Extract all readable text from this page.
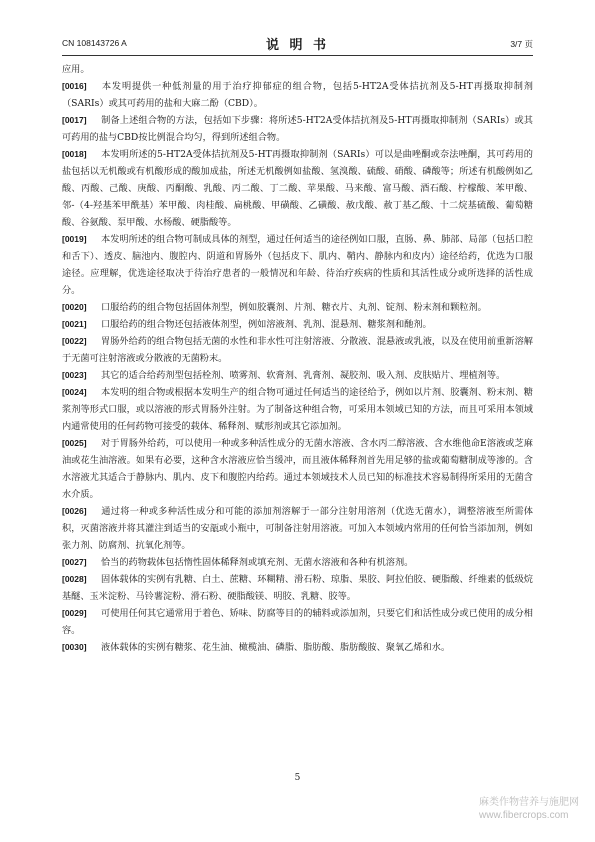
CN 108143726 A	说 明 书	3/7 页

应用。

[0016] 本发明提供一种低剂量的用于治疗抑郁症的组合物，包括5-HT2A受体拮抗剂及5-HT再摄取抑制剂（SARIs）或其可药用的盐和大麻二酚（CBD）。

[0017] 制备上述组合物的方法，包括如下步骤：将所述5-HT2A受体拮抗剂及5-HT再摄取抑制剂（SARIs）或其可药用的盐与CBD按比例混合均匀，得到所述组合物。

[0018] 本发明所述的5-HT2A受体拮抗剂及5-HT再摄取抑制剂（SARIs）可以是曲唑酮或奈法唑酮，其可药用的盐包括以无机酸或有机酸形成的酸加成盐，所述无机酸例如盐酸、氢溴酸、硫酸、硝酸、磷酸等；所述有机酸例如乙酸、丙酸、己酸、庚酸、丙酮酸、乳酸、丙二酸、丁二酸、苹果酸、马来酸、富马酸、酒石酸、柠檬酸、苯甲酸、邻-（4-羟基苯甲酰基）苯甲酸、肉桂酸、扁桃酸、甲磺酸、乙磺酸、赦戊酸、赦丁基乙酸、十二烷基硫酸、葡萄糖酸、谷氨酸、泵甲酸、水杨酸、硬脂酸等。

[0019] 本发明所述的组合物可制成具体的剂型，通过任何适当的途径例如口服，直肠、鼻、肺部、局部（包括口腔和舌下）、透皮、脑池内、腹腔内、阴道和胃肠外（包括皮下、肌内、鞘内、静脉内和皮内）途径给药，优选为口服途径。应理解，优选途径取决于待治疗患者的一般情况和年龄、待治疗疾病的性质和其活性成分或所选择的活性成分。

[0020] 口服给药的组合物包括固体剂型，例如胶囊剂、片剂、糖衣片、丸剂、锭剂、粉末剂和颗粒剂。

[0021] 口服给药的组合物还包括液体剂型，例如溶液剂、乳剂、混悬剂、糖浆剂和酏剂。

[0022] 胃肠外给药的组合物包括无菌的水性和非水性可注射溶液、分散液、混悬液或乳液，以及在使用前重新溶解于无菌可注射溶液或分散液的无菌粉末。

[0023] 其它的适合给药剂型包括栓剂、喷雾剂、软膏剂、乳膏剂、凝胶剂、吸入剂、皮肤贴片、埋植剂等。

[0024] 本发明的组合物或根据本发明生产的组合物可通过任何适当的途径给予，例如以片剂、胶囊剂、粉末剂、糖浆剂等形式口服，或以溶液的形式胃肠外注射。为了制备这种组合物，可采用本领域已知的方法，而且可采用本领域内通常使用的任何药物可接受的载体、稀释剂、赋形剂或其它添加剂。

[0025] 对于胃肠外给药，可以使用一种或多种活性成分的无菌水溶液、含水丙二醇溶液、含水维他命E溶液或芝麻油或花生油溶液。如果有必要，这种含水溶液应恰当缓冲，而且液体稀释剂首先用足够的盐或葡萄糖制成等渗的。含水溶液尤其适合于静脉内、肌内、皮下和腹腔内给药。通过本领域技术人员已知的标准技术容易制得所采用的无菌含水介质。

[0026] 通过将一种或多种活性成分和可能的添加剂溶解于一部分注射用溶剂（优选无菌水），调整溶液至所需体积，灭菌溶液并将其灌注到适当的安瓿或小瓶中，可制备注射用溶液。可加入本领域内常用的任何恰当添加剂，例如张力剂、防腐剂、抗氧化剂等。

[0027] 恰当的药物载体包括惰性固体稀释剂或填充剂、无菌水溶液和各种有机溶剂。

[0028] 固体载体的实例有乳糖、白土、蔗糖、环糊精、滑石粉、琼脂、果胶、阿拉伯胶、硬脂酸、纤维素的低级烷基醚、玉米淀粉、马铃薯淀粉、滑石粉、硬脂酸镁、明胶、乳糖、胶等。

[0029] 可使用任何其它通常用于着色、矫味、防腐等目的的辅料或添加剂，只要它们和活性成分或已使用的成分相容。

[0030] 液体载体的实例有糖浆、花生油、橄榄油、磷脂、脂肪酸、脂肪酸胺、聚氧乙烯和水。

5
麻类作物营养与施肥网
www.fibercrops.com
